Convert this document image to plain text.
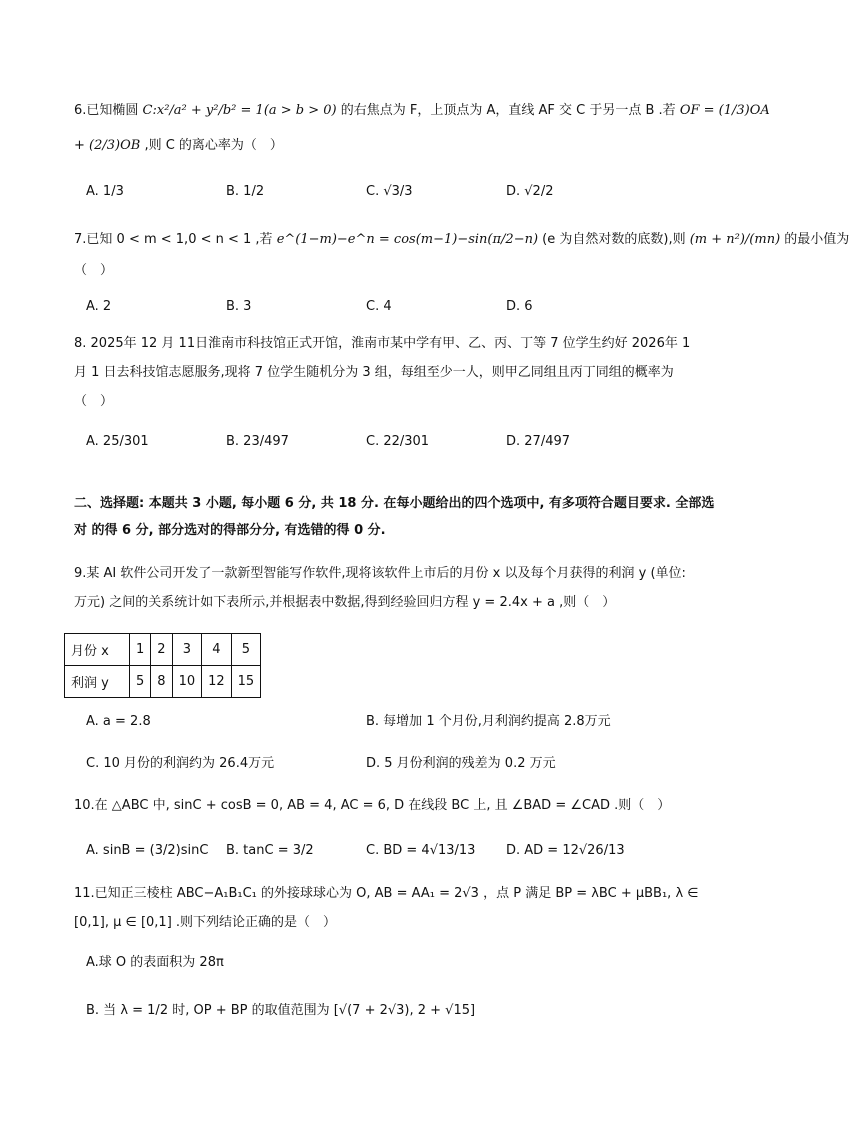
6.已知椭圆 C:x²/a² + y²/b² = 1(a > b > 0) 的右焦点为 F，上顶点为 A，直线 AF 交 C 于另一点 B .若 OF = (1/3)OA
+ (2/3)OB ,则 C 的离心率为（　）
A. 1/3	B. 1/2	C. √3/3	D. √2/2
7.已知 0 < m < 1,0 < n < 1 ,若 e^(1−m)−e^n = cos(m−1)−sin(π/2−n) (e 为自然对数的底数),则 (m + n²)/(mn) 的最小值为
（　）
A. 2	B. 3	C. 4	D. 6
8. 2025年 12 月 11日淮南市科技馆正式开馆，淮南市某中学有甲、乙、丙、丁等 7 位学生约好 2026年 1
月 1 日去科技馆志愿服务,现将 7 位学生随机分为 3 组，每组至少一人，则甲乙同组且丙丁同组的概率为
（　）
A. 25/301	B. 23/497	C. 22/301	D. 27/497
二、选择题: 本题共 3 小题, 每小题 6 分, 共 18 分. 在每小题给出的四个选项中, 有多项符合题目要求. 全部选
对 的得 6 分, 部分选对的得部分分, 有选错的得 0 分.
9.某 AI 软件公司开发了一款新型智能写作软件,现将该软件上市后的月份 x 以及每个月获得的利润 y (单位:
万元) 之间的关系统计如下表所示,并根据表中数据,得到经验回归方程 y = 2.4x + a ,则（　）
月份 x	1	2	3	4	5
利润 y	5	8	10	12	15
A. a = 2.8	B. 每增加 1 个月份,月利润约提高 2.8万元
C. 10 月份的利润约为 26.4万元	D. 5 月份利润的残差为 0.2 万元
10.在 △ABC 中, sinC + cosB = 0, AB = 4, AC = 6, D 在线段 BC 上, 且 ∠BAD = ∠CAD .则（　）
A. sinB = (3/2)sinC B. tanC = 3/2	C. BD = 4√13/13 D. AD = 12√26/13
11.已知正三棱柱 ABC−A₁B₁C₁ 的外接球球心为 O, AB = AA₁ = 2√3 ，点 P 满足 BP = λBC + μBB₁, λ ∈
[0,1], μ ∈ [0,1] .则下列结论正确的是（　）
A.球 O 的表面积为 28π
B. 当 λ = 1/2 时, OP + BP 的取值范围为 [√(7 + 2√3), 2 + √15]
